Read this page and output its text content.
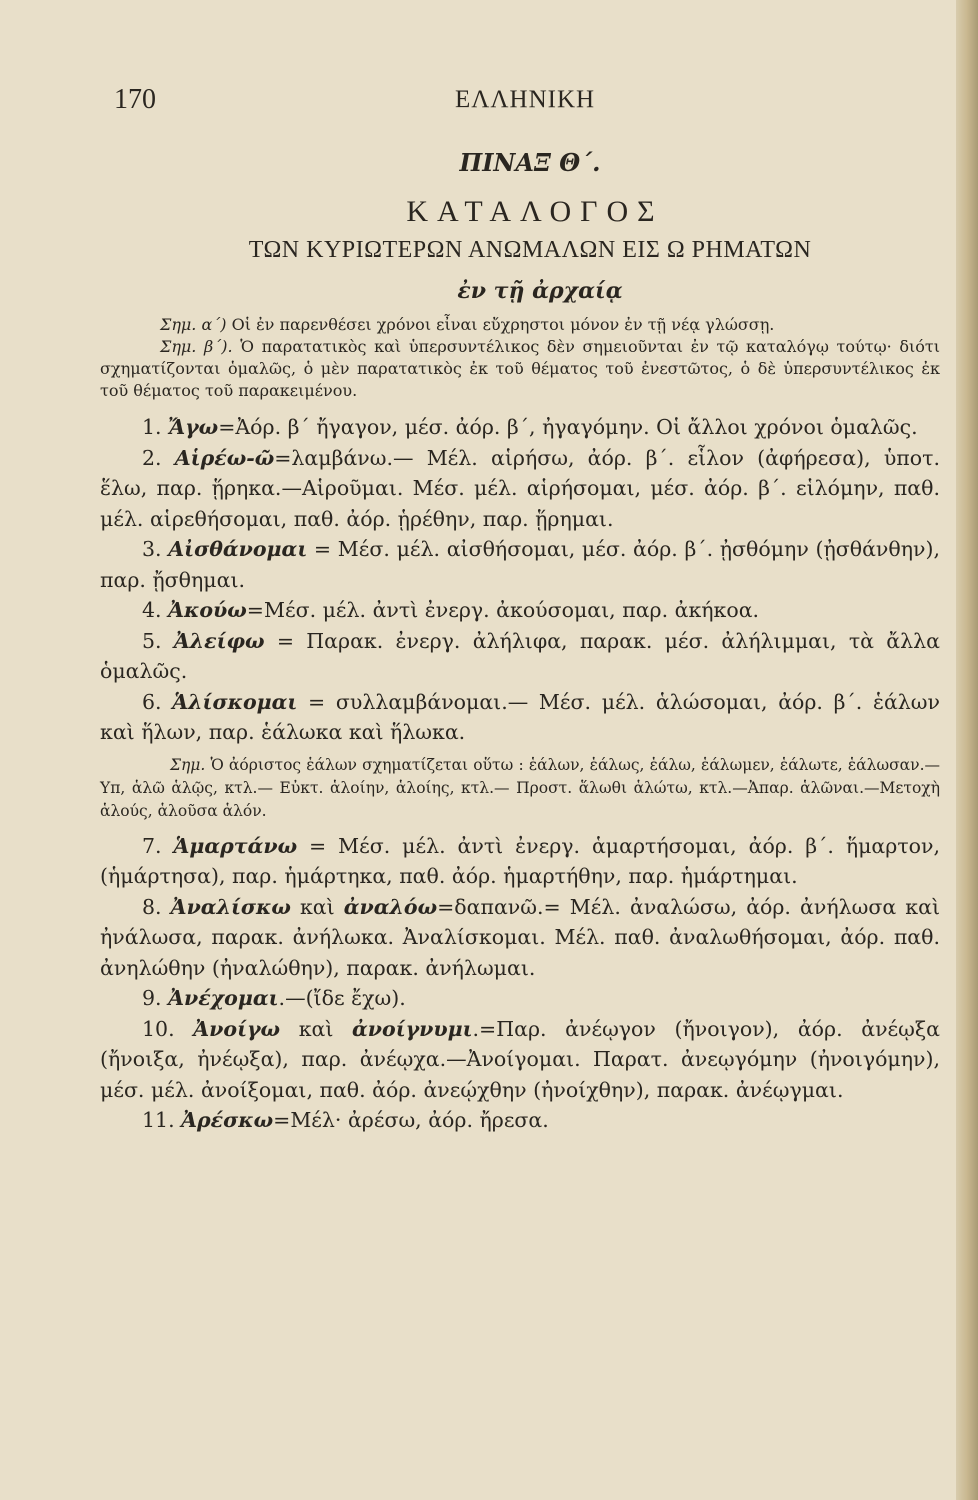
170	ΕΛΛΗΝΙΚΗ
ΠΙΝΑΞ Θ΄.
ΚΑΤΑΛΟΓΟΣ
ΤΩΝ ΚΥΡΙΩΤΕΡΩΝ ΑΝΩΜΑΛΩΝ ΕΙΣ Ω ΡΗΜΑΤΩΝ
ἐν τῇ ἀρχαίᾳ

Σημ. α΄) Οἱ ἐν παρενθέσει χρόνοι εἶναι εὔχρηστοι μόνον ἐν τῇ νέᾳ γλώσσῃ.

Σημ. β΄). Ὁ παρατατικὸς καὶ ὑπερσυντέλικος δὲν σημειοῦνται ἐν τῷ καταλόγῳ τούτῳ· διότι σχηματίζονται ὁμαλῶς, ὁ μὲν παρατατικὸς ἐκ τοῦ θέματος τοῦ ἐνεστῶτος, ὁ δὲ ὑπερσυντέλικος ἐκ τοῦ θέματος τοῦ παρακειμένου.

1. Ἄγω=Ἀόρ. β΄ ἤγαγον, μέσ. ἀόρ. β΄, ἠγαγόμην. Οἱ ἄλλοι χρόνοι ὁμαλῶς.

2. Αἱρέω-ῶ=λαμβάνω.— Μέλ. αἱρήσω, ἀόρ. β΄. εἷλον (ἀφήρεσα), ὑποτ. ἕλω, παρ. ᾕρηκα.—Αἱροῦμαι. Μέσ. μέλ. αἱρήσομαι, μέσ. ἀόρ. β΄. εἱλόμην, παθ. μέλ. αἱρεθήσομαι, παθ. ἀόρ. ᾑρέθην, παρ. ᾕρημαι.

3. Αἰσθάνομαι = Μέσ. μέλ. αἰσθήσομαι, μέσ. ἀόρ. β΄. ᾐσθόμην (ᾐσθάνθην), παρ. ᾔσθημαι.

4. Ἀκούω=Μέσ. μέλ. ἀντὶ ἐνεργ. ἀκούσομαι, παρ. ἀκήκοα.

5. Ἀλείφω = Παρακ. ἐνεργ. ἀλήλιφα, παρακ. μέσ. ἀλήλιμμαι, τὰ ἄλλα ὁμαλῶς.

6. Ἁλίσκομαι = συλλαμβάνομαι.— Μέσ. μέλ. ἁλώσομαι, ἀόρ. β΄. ἑάλων καὶ ἥλων, παρ. ἑάλωκα καὶ ἥλωκα.

Σημ. Ὁ ἀόριστος ἑάλων σχηματίζεται οὕτω : ἑάλων, ἑάλως, ἑάλω, ἑάλωμεν, ἑάλωτε, ἑάλωσαν.— Υπ, ἁλῶ ἁλῷς, κτλ.— Εὐκτ. ἁλοίην, ἁλοίης, κτλ.— Προστ. ἅλωθι ἁλώτω, κτλ.—Ἀπαρ. ἁλῶναι.—Μετοχὴ ἁλούς, ἁλοῦσα ἁλόν.

7. Ἁμαρτάνω = Μέσ. μέλ. ἀντὶ ἐνεργ. ἁμαρτήσομαι, ἀόρ. β΄. ἥμαρτον, (ἡμάρτησα), παρ. ἡμάρτηκα, παθ. ἀόρ. ἡμαρτήθην, παρ. ἡμάρτημαι.

8. Ἀναλίσκω καὶ ἀναλόω=δαπανῶ.= Μέλ. ἀναλώσω, ἀόρ. ἀνήλωσα καὶ ἠνάλωσα, παρακ. ἀνήλωκα. Ἀναλίσκομαι. Μέλ. παθ. ἀναλωθήσομαι, ἀόρ. παθ. ἀνηλώθην (ἠναλώθην), παρακ. ἀνήλωμαι.

9. Ἀνέχομαι.—(ἴδε ἔχω).

10. Ἀνοίγω καὶ ἀνοίγνυμι.=Παρ. ἀνέῳγον (ἤνοιγον), ἀόρ. ἀνέῳξα (ἤνοιξα, ἠνέῳξα), παρ. ἀνέῳχα.—Ἀνοίγομαι. Παρατ. ἀνεῳγόμην (ἠνοιγόμην), μέσ. μέλ. ἀνοίξομαι, παθ. ἀόρ. ἀνεῴχθην (ἠνοίχθην), παρακ. ἀνέῳγμαι.

11. Ἀρέσκω=Μέλ· ἀρέσω, ἀόρ. ἤρεσα.
